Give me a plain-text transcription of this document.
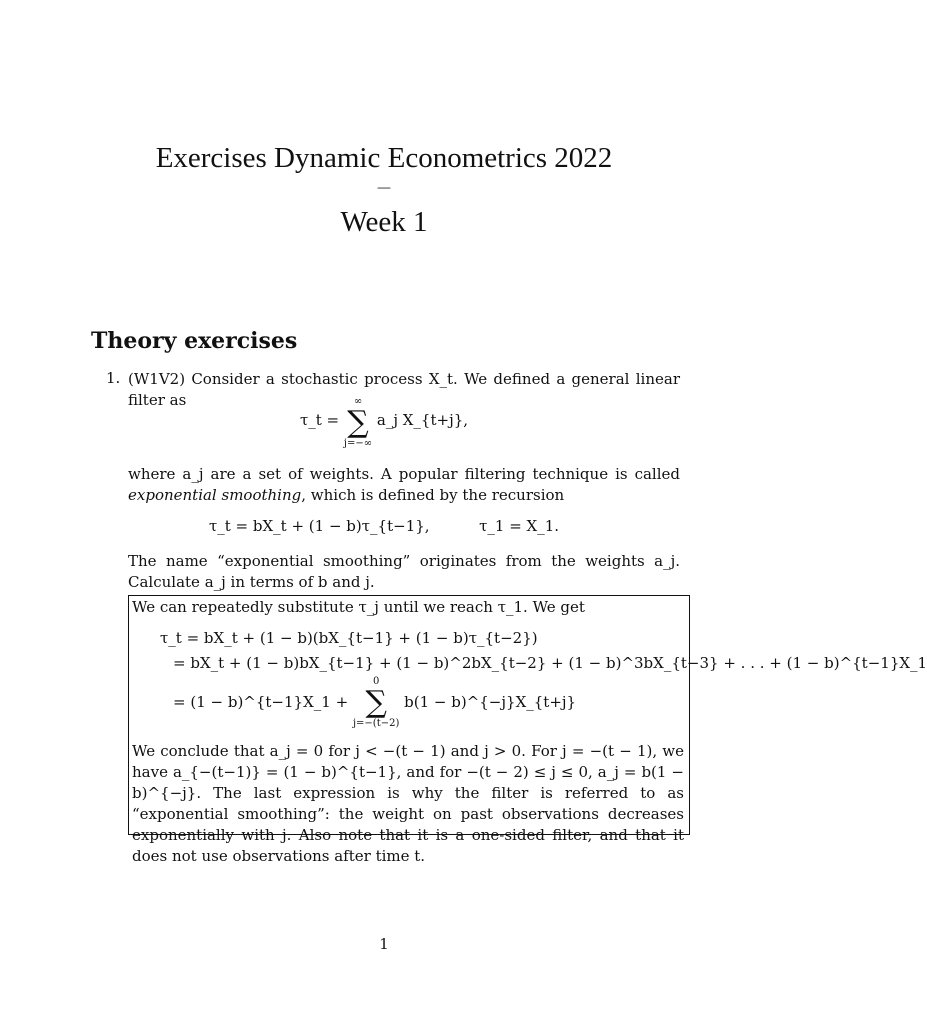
Exercises Dynamic Econometrics 2022
—
Week 1
Theory exercises
1. (W1V2) Consider a stochastic process X_t. We defined a general linear filter as
τ_t =
∞
∑
j=−∞
a_j X_{t+j},
where a_j are a set of weights. A popular filtering technique is called exponential smoothing, which is defined by the recursion
τ_t = bX_t + (1 − b)τ_{t−1},	τ_1 = X_1.
The name “exponential smoothing” originates from the weights a_j. Calculate a_j in terms of b and j.
We can repeatedly substitute τ_j until we reach τ_1. We get
τ_t = bX_t + (1 − b)(bX_{t−1} + (1 − b)τ_{t−2})
= bX_t + (1 − b)bX_{t−1} + (1 − b)^2bX_{t−2} + (1 − b)^3bX_{t−3} + . . . + (1 − b)^{t−1}X_1
= (1 − b)^{t−1}X_1 +
0
∑
j=−(t−2)
b(1 − b)^{−j}X_{t+j}
We conclude that a_j = 0 for j < −(t − 1) and j > 0. For j = −(t − 1), we have a_{−(t−1)} = (1 − b)^{t−1}, and for −(t − 2) ≤ j ≤ 0, a_j = b(1 − b)^{−j}. The last expression is why the filter is referred to as “exponential smoothing”: the weight on past observations decreases exponentially with j. Also note that it is a one-sided filter, and that it does not use observations after time t.
1
